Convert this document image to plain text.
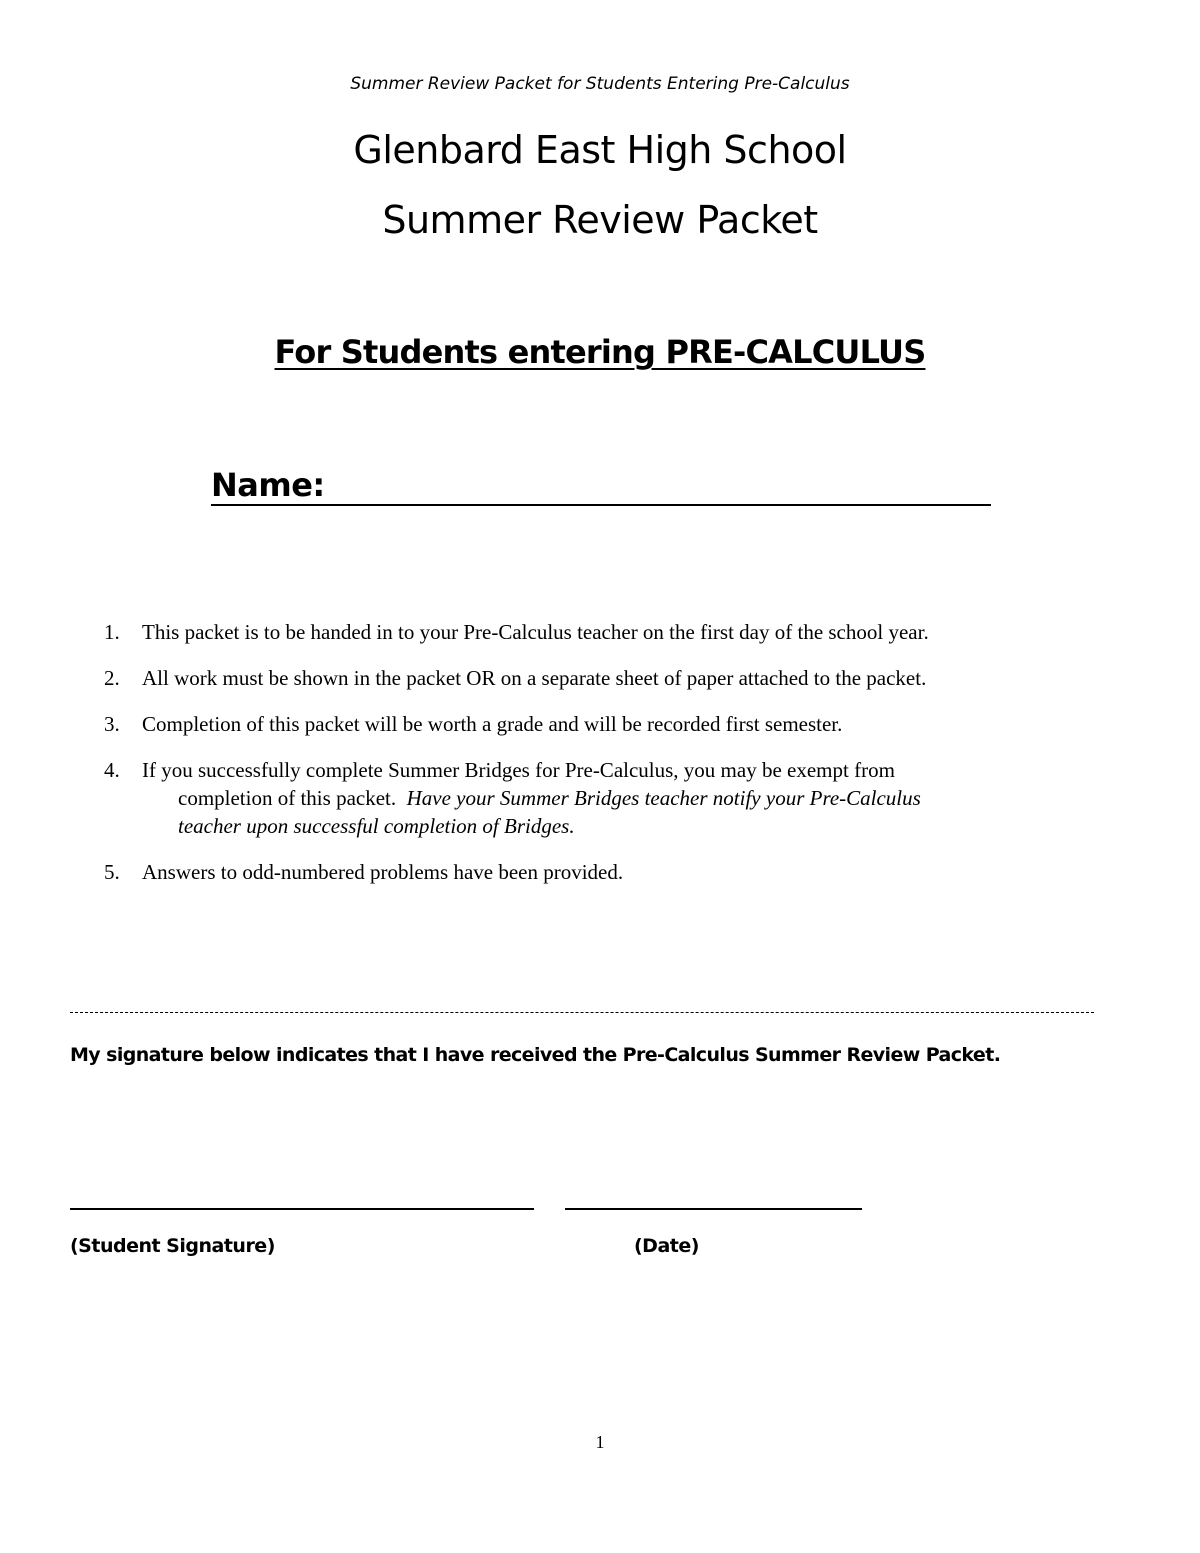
Summer Review Packet for Students Entering Pre-Calculus
Glenbard East High School
Summer Review Packet
For Students entering PRE-CALCULUS
Name:
1.	This packet is to be handed in to your Pre-Calculus teacher on the first day of the school year.
2.	All work must be shown in the packet OR on a separate sheet of paper attached to the packet.
3.	Completion of this packet will be worth a grade and will be recorded first semester.
4.	If you successfully complete Summer Bridges for Pre-Calculus, you may be exempt from
completion of this packet. Have your Summer Bridges teacher notify your Pre-Calculus
teacher upon successful completion of Bridges.
5.	Answers to odd-numbered problems have been provided.
My signature below indicates that I have received the Pre-Calculus Summer Review Packet.
(Student Signature)	(Date)
1
